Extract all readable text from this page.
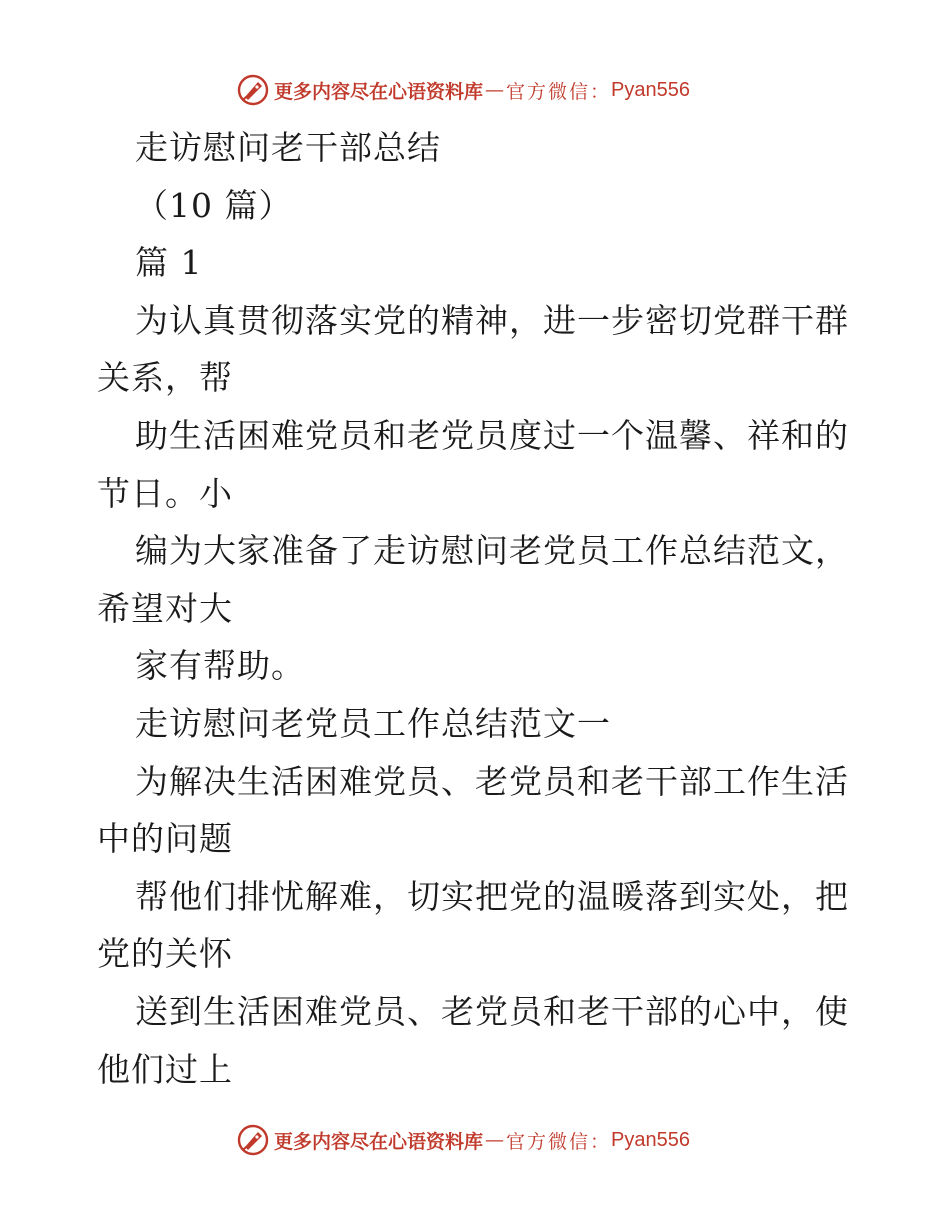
更多内容尽在心语资料库 — 官方微信： Pyan556
走访慰问老干部总结
（10 篇）
篇 1
为认真贯彻落实党的精神，进一步密切党群干群
关系，帮
助生活困难党员和老党员度过一个温馨、祥和的
节日。小
编为大家准备了走访慰问老党员工作总结范文，
希望对大
家有帮助。
走访慰问老党员工作总结范文一
为解决生活困难党员、老党员和老干部工作生活
中的问题
帮他们排忧解难，切实把党的温暖落到实处，把
党的关怀
送到生活困难党员、老党员和老干部的心中，使
他们过上
更多内容尽在心语资料库 — 官方微信： Pyan556
